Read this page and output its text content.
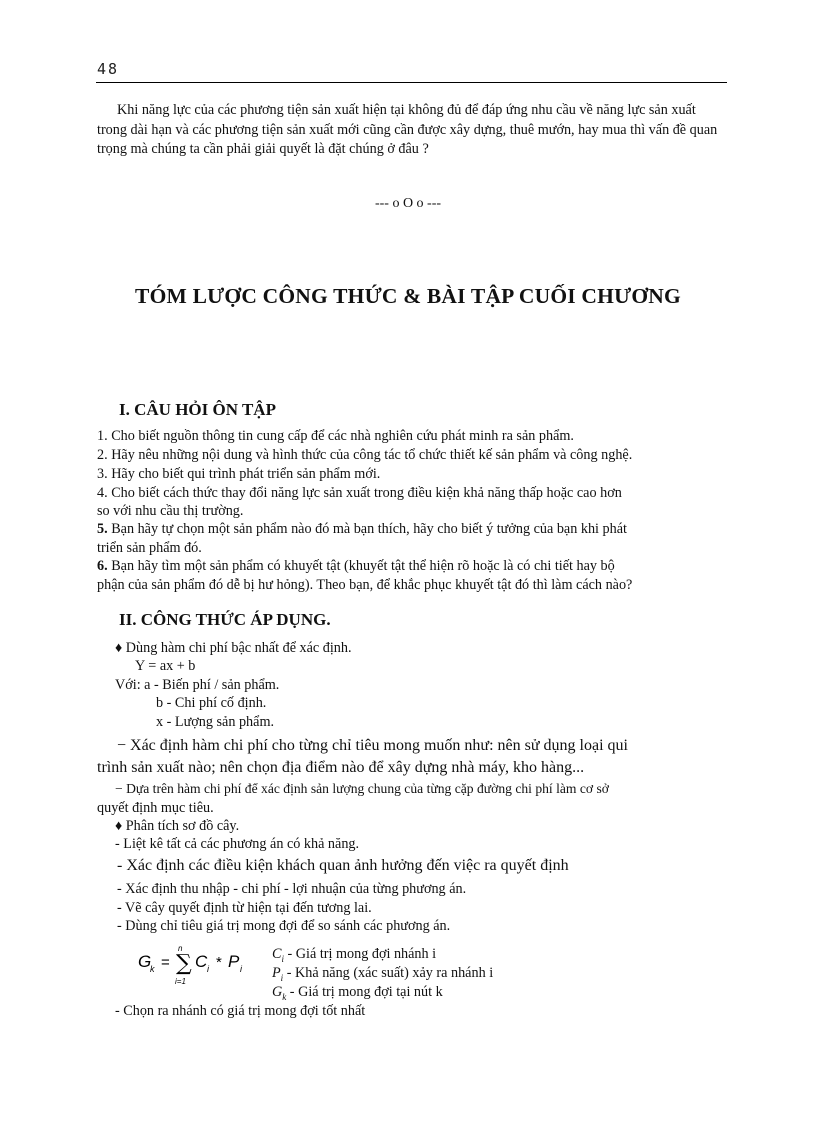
48
Khi năng lực của các phương tiện sản xuất hiện tại không đủ để đáp ứng nhu cầu về năng lực sản xuất trong dài hạn và các phương tiện sản xuất mới cũng cần được xây dựng, thuê mướn, hay mua thì vấn đề quan trọng mà chúng ta cần phải giải quyết là đặt chúng ở đâu ?
--- o O o ---
TÓM LƯỢC CÔNG THỨC & BÀI TẬP CUỐI CHƯƠNG
I. CÂU HỎI ÔN TẬP
1. Cho biết nguồn thông tin cung cấp để các nhà nghiên cứu phát minh ra sản phẩm.
2. Hãy nêu những nội dung và hình thức của công tác tổ chức thiết kế sản phẩm và công nghệ.
3. Hãy cho biết qui trình phát triển sản phẩm mới.
4. Cho biết cách thức thay đổi năng lực sản xuất trong điều kiện khả năng thấp hoặc cao hơn
so với nhu cầu thị trường.
5. Bạn hãy tự chọn một sản phẩm nào đó mà bạn thích, hãy cho biết ý tưởng của bạn khi phát
triển sản phẩm đó.
6. Bạn hãy tìm một sản phẩm có khuyết tật (khuyết tật thể hiện rõ hoặc là có chi tiết hay bộ
phận của sản phẩm đó dễ bị hư hỏng). Theo bạn, để khắc phục khuyết tật đó thì làm cách nào?
II. CÔNG THỨC ÁP DỤNG.
♦ Dùng hàm chi phí bậc nhất để xác định.
Y = ax + b
Với: a - Biến phí / sản phẩm.
b - Chi phí cố định.
x - Lượng sản phẩm.
− Xác định hàm chi phí cho từng chỉ tiêu mong muốn như: nên sử dụng loại qui
trình sản xuất nào; nên chọn địa điểm nào để xây dựng nhà máy, kho hàng...
− Dựa trên hàm chi phí để xác định sản lượng chung của từng cặp đường chi phí làm cơ sở
quyết định mục tiêu.
♦ Phân tích sơ đồ cây.
- Liệt kê tất cả các phương án có khả năng.
- Xác định các điều kiện khách quan ảnh hưởng đến việc ra quyết định
- Xác định thu nhập - chi phí - lợi nhuận của từng phương án.
- Vẽ cây quyết định từ hiện tại đến tương lai.
- Dùng chỉ tiêu giá trị mong đợi để so sánh các phương án.
G
k =
n
∑
i=1
C i * P i
$C_i$ - Giá trị mong đợi nhánh i
$P_i$ - Khả năng (xác suất) xảy ra nhánh i
$G_k$ - Giá trị mong đợi tại nút k
- Chọn ra nhánh có giá trị mong đợi tốt nhất
